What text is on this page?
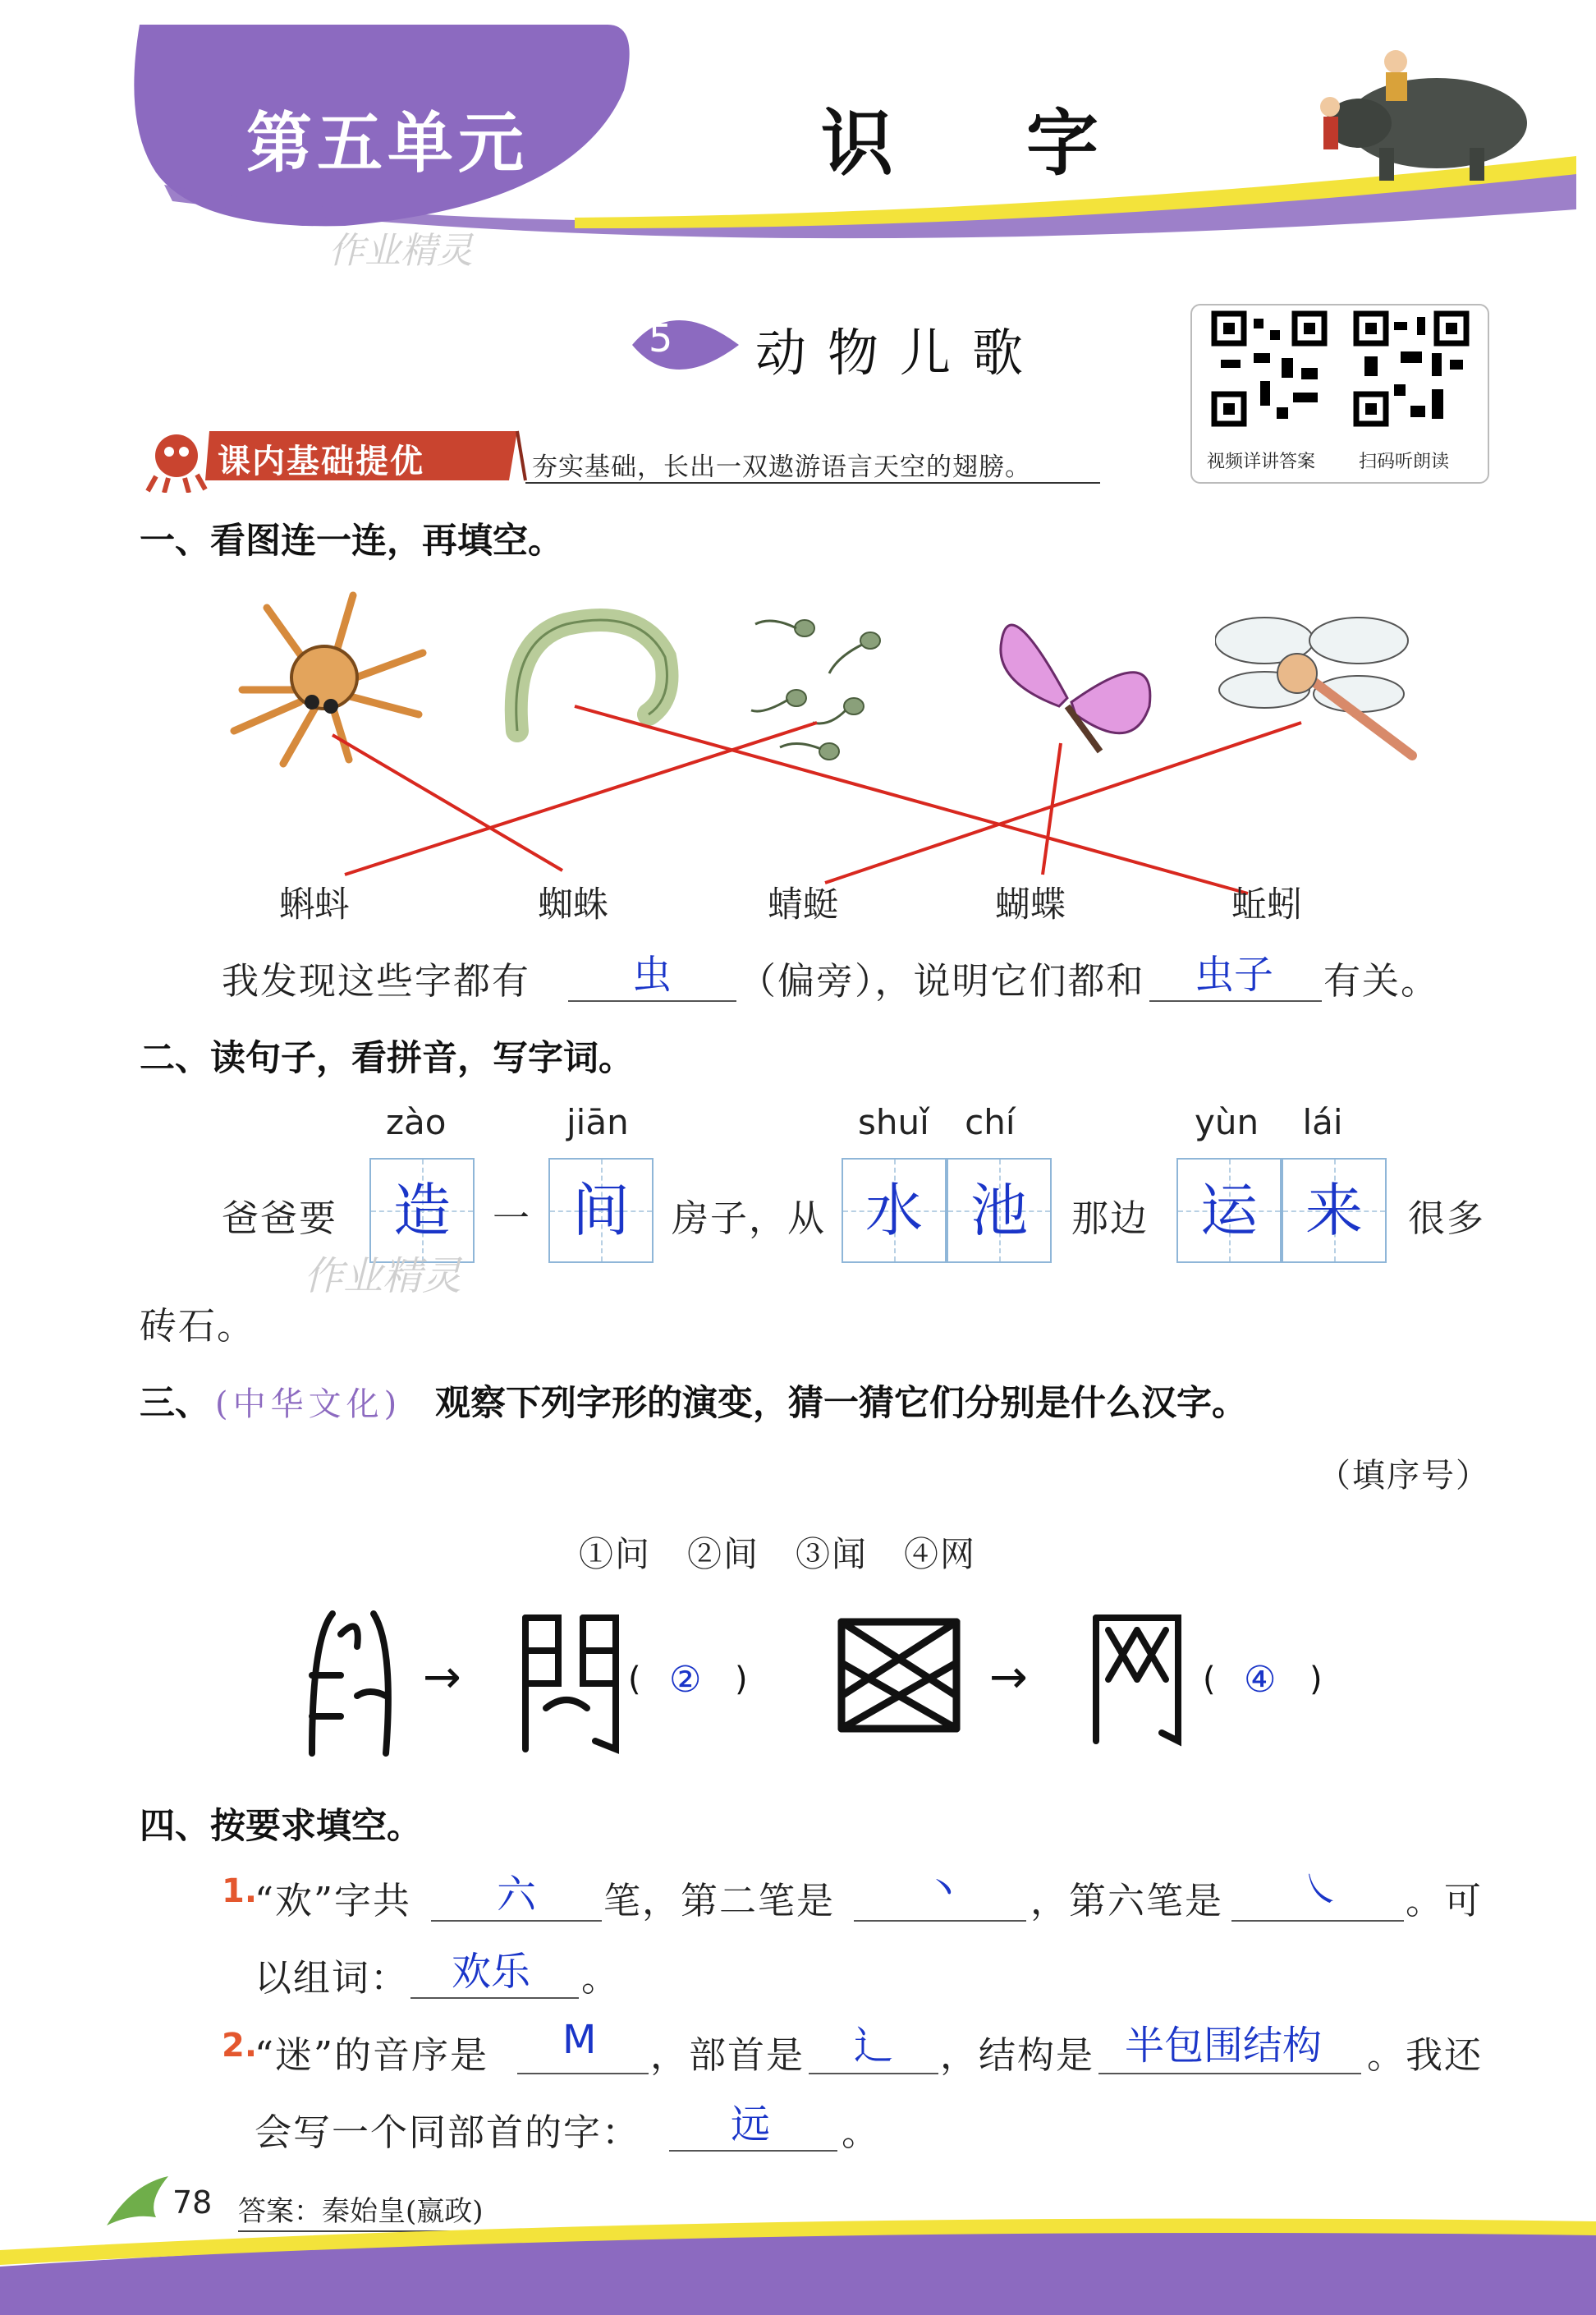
作业精灵
第五单元	识 字
5 动物儿歌
视频详讲答案 扫码听朗读
课内基础提优	夯实基础，长出一双遨游语言天空的翅膀。
一、看图连一连，再填空。
蝌蚪	蜘蛛	蜻蜓	蝴蝶	蚯蚓
我发现这些字都有	虫 （偏旁），说明它们都和 虫子 有关。
二、读句子，看拼音，写字词。
zào	jiān	shuǐ chí	yùn lái
爸爸要 造	一 间	房子，从 水 池	那边 运 来	很多
砖石。
作业精灵
三、 (中华文化) 观察下列字形的演变，猜一猜它们分别是什么汉字。
（填序号）
①问　②间　③闻　④网
→	( ② )	→	( ④ )
四、按要求填空。
1.
“欢”字共 六 笔，第二笔是 丶 ，第六笔是 ㇏ 。可
以组词： 欢乐 。
2.
“迷”的音序是 M ，部首是 辶 ，结构是 半包围结构 。我还
会写一个同部首的字： 远 。
78 答案：秦始皇(嬴政)
